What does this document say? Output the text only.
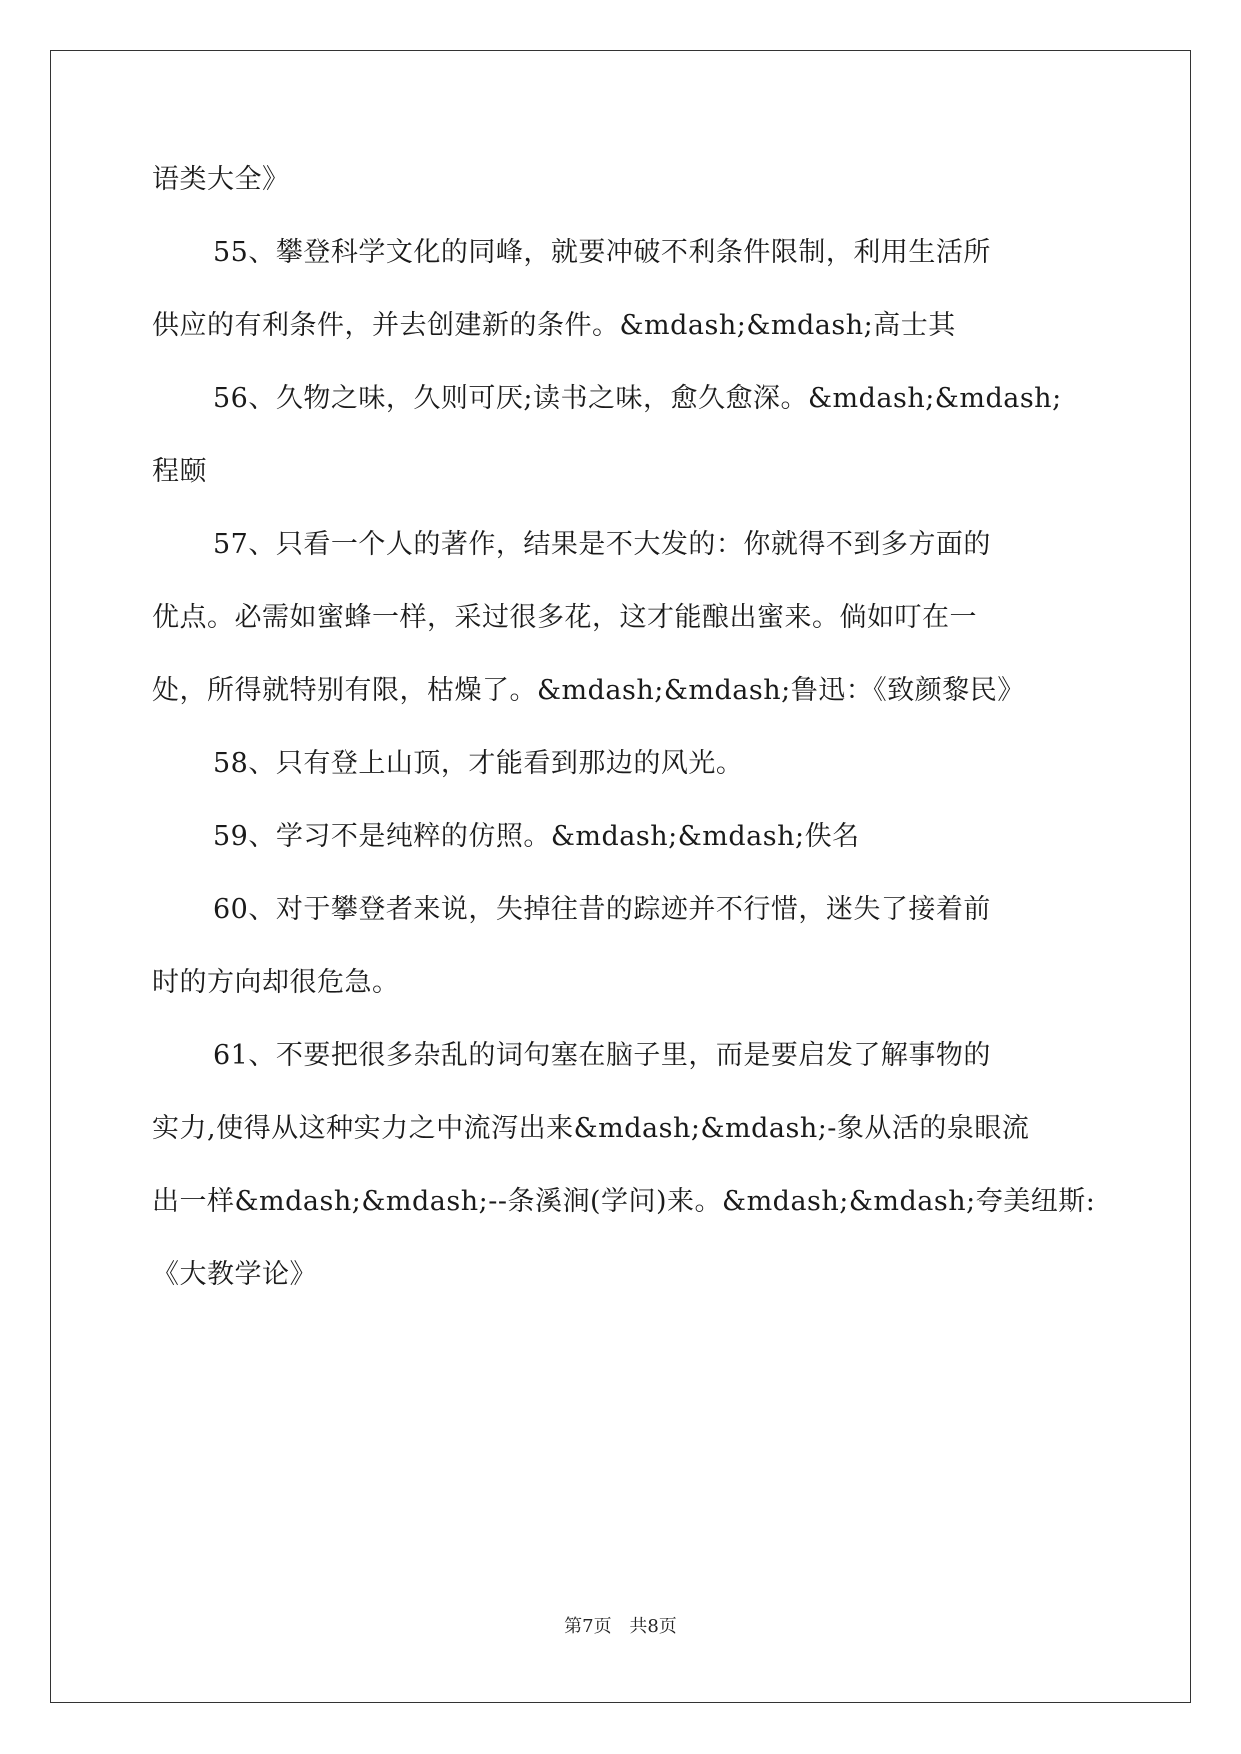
语类大全》
55、攀登科学文化的同峰，就要冲破不利条件限制，利用生活所
供应的有利条件，并去创建新的条件。&mdash;&mdash;高士其
56、久物之味，久则可厌;读书之味，愈久愈深。&mdash;&mdash;
程颐
57、只看一个人的著作，结果是不大发的：你就得不到多方面的
优点。必需如蜜蜂一样，采过很多花，这才能酿出蜜来。倘如叮在一
处，所得就特别有限，枯燥了。&mdash;&mdash;鲁迅：《致颜黎民》
58、只有登上山顶，才能看到那边的风光。
59、学习不是纯粹的仿照。&mdash;&mdash;佚名
60、对于攀登者来说，失掉往昔的踪迹并不行惜，迷失了接着前
时的方向却很危急。
61、不要把很多杂乱的词句塞在脑子里，而是要启发了解事物的
实力,使得从这种实力之中流泻出来&mdash;&mdash;-象从活的泉眼流
出一样&mdash;&mdash;--条溪涧(学问)来。&mdash;&mdash;夸美纽斯:
《大教学论》
第7页 共8页
